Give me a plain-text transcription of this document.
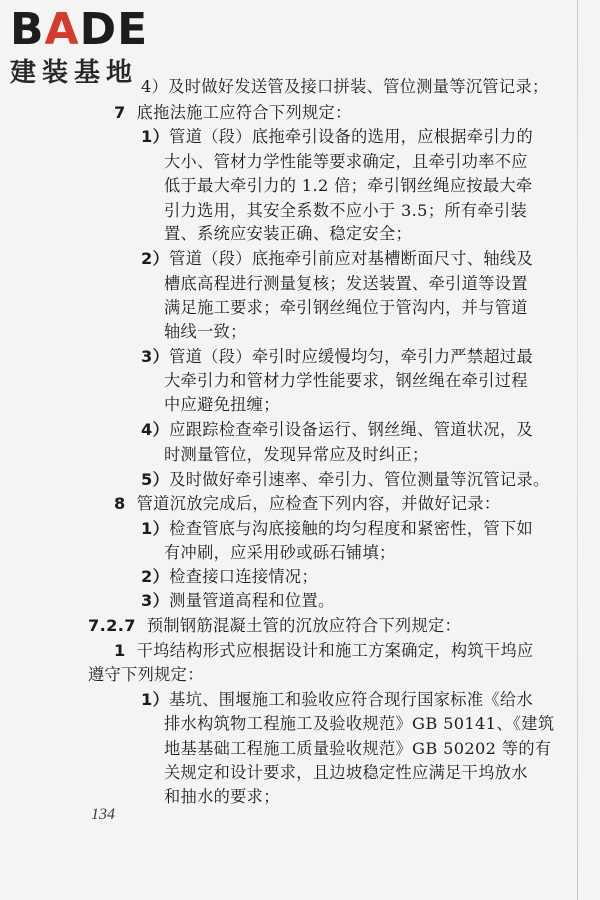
BADE
建装基地 4）及时做好发送管及接口拼装、管位测量等沉管记录；
7 底拖法施工应符合下列规定：
1）管道（段）底拖牵引设备的选用，应根据牵引力的
大小、管材力学性能等要求确定，且牵引功率不应
低于最大牵引力的 1.2 倍；牵引钢丝绳应按最大牵
引力选用，其安全系数不应小于 3.5；所有牵引装
置、系统应安装正确、稳定安全；
2）管道（段）底拖牵引前应对基槽断面尺寸、轴线及
槽底高程进行测量复核；发送装置、牵引道等设置
满足施工要求；牵引钢丝绳位于管沟内，并与管道
轴线一致；
3）管道（段）牵引时应缓慢均匀，牵引力严禁超过最
大牵引力和管材力学性能要求，钢丝绳在牵引过程
中应避免扭缠；
4）应跟踪检查牵引设备运行、钢丝绳、管道状况，及
时测量管位，发现异常应及时纠正；
5）及时做好牵引速率、牵引力、管位测量等沉管记录。
8 管道沉放完成后，应检查下列内容，并做好记录：
1）检查管底与沟底接触的均匀程度和紧密性，管下如
有冲刷，应采用砂或砾石铺填；
2）检查接口连接情况；
3）测量管道高程和位置。
7.2.7 预制钢筋混凝土管的沉放应符合下列规定：
1 干坞结构形式应根据设计和施工方案确定，构筑干坞应
遵守下列规定：
1）基坑、围堰施工和验收应符合现行国家标准《给水
排水构筑物工程施工及验收规范》GB 50141、《建筑
地基基础工程施工质量验收规范》GB 50202 等的有
关规定和设计要求，且边坡稳定性应满足干坞放水
和抽水的要求；
134
